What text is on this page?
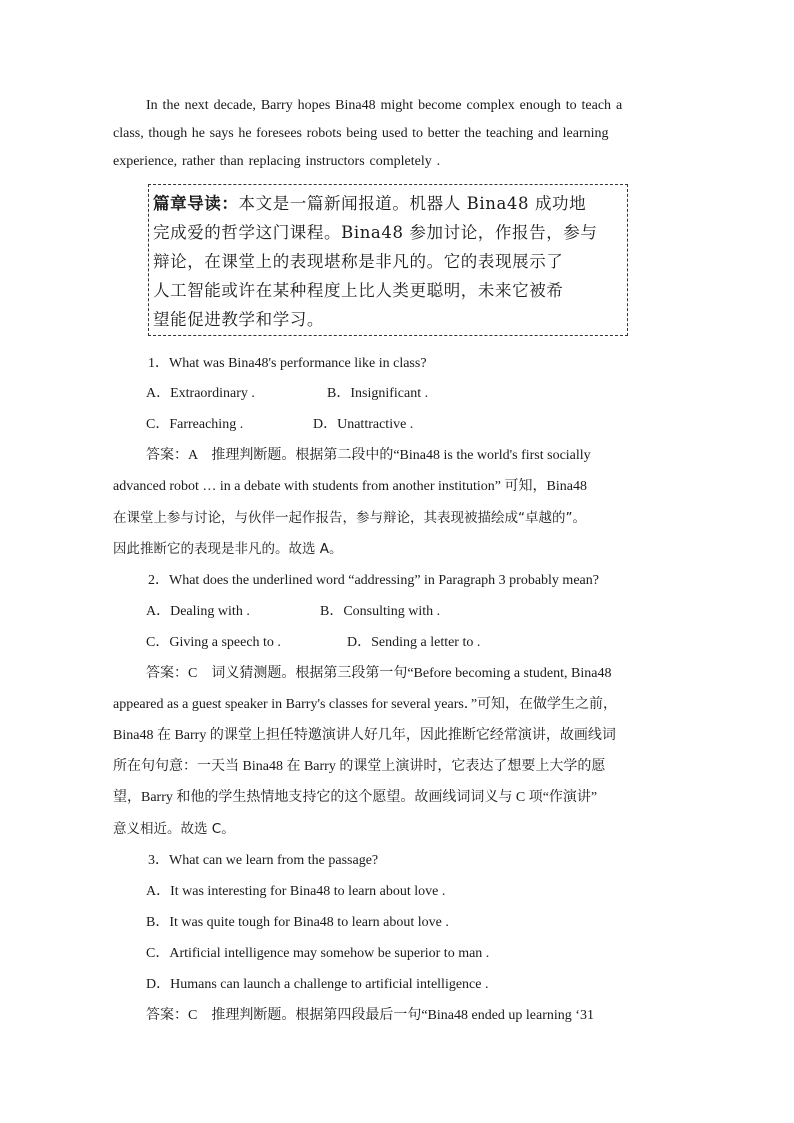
In the next decade, Barry hopes Bina48 might become complex enough to teach a
class, though he says he foresees robots being used to better the teaching and learning
experience, rather than replacing instructors completely .
篇章导读：本文是一篇新闻报道。机器人 Bina48 成功地
完成爱的哲学这门课程。Bina48 参加讨论，作报告，参与
辩论，在课堂上的表现堪称是非凡的。它的表现展示了
人工智能或许在某种程度上比人类更聪明，未来它被希
望能促进教学和学习。
1．What was Bina48's performance like in class?
A．Extraordinary .	B．Insignificant .
C．Farreaching .	D．Unattractive .
答案：A　推理判断题。根据第二段中的“Bina48 is the world's first socially
advanced robot … in a debate with students from another institution” 可知，Bina48
在课堂上参与讨论，与伙伴一起作报告，参与辩论，其表现被描绘成“卓越的”。
因此推断它的表现是非凡的。故选 A。
2．What does the underlined word “addressing” in Paragraph 3 probably mean?
A．Dealing with .	B．Consulting with .
C．Giving a speech to .	D．Sending a letter to .
答案：C　词义猜测题。根据第三段第一句“Before becoming a student, Bina48
appeared as a guest speaker in Barry's classes for several years．”可知，在做学生之前，
Bina48 在 Barry 的课堂上担任特邀演讲人好几年，因此推断它经常演讲，故画线词
所在句句意：一天当 Bina48 在 Barry 的课堂上演讲时，它表达了想要上大学的愿
望，Barry 和他的学生热情地支持它的这个愿望。故画线词词义与 C 项“作演讲”
意义相近。故选 C。
3．What can we learn from the passage?
A．It was interesting for Bina48 to learn about love .
B．It was quite tough for Bina48 to learn about love .
C．Artificial intelligence may somehow be superior to man .
D．Humans can launch a challenge to artificial intelligence .
答案：C　推理判断题。根据第四段最后一句“Bina48 ended up learning ‘31
